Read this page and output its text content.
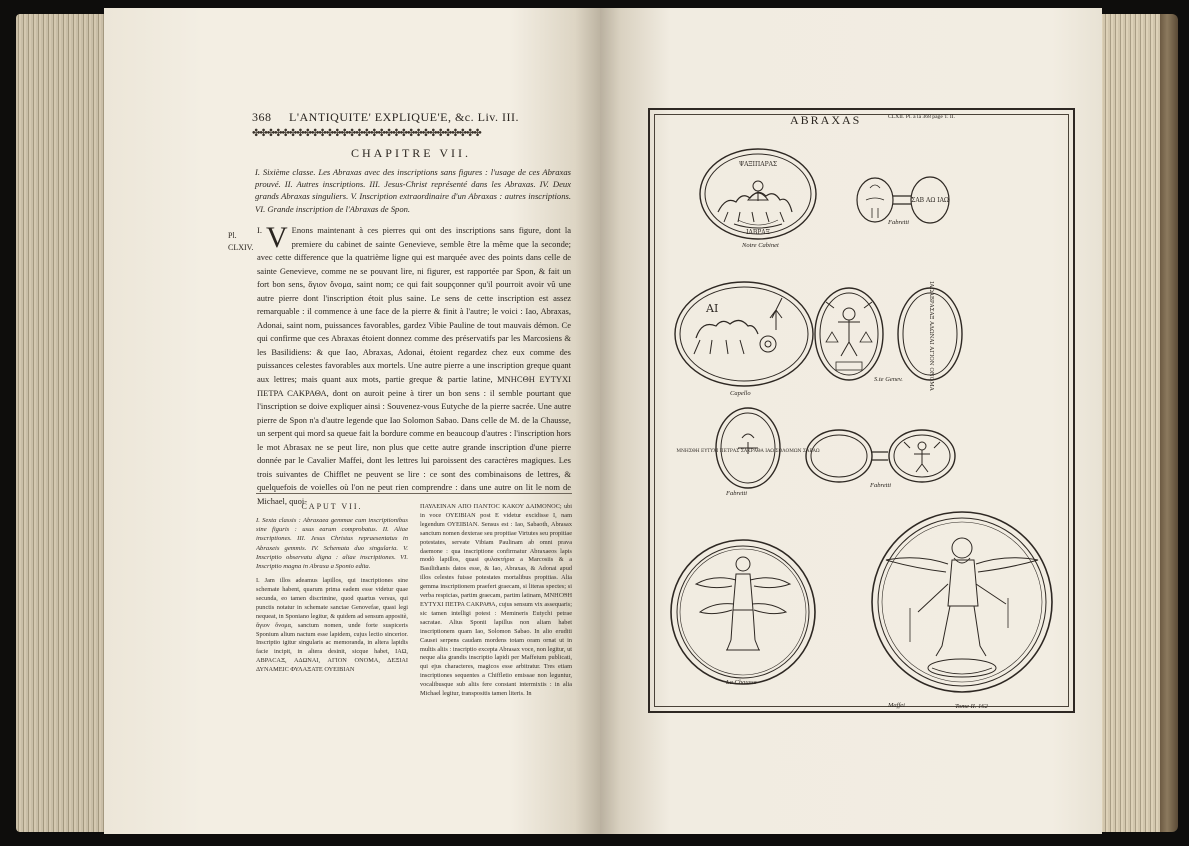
368 L'ANTIQUITE' EXPLIQUE'E, &c. Liv. III.
✤✤✤✤✤✤✤✤✤✤✤✤✤✤✤✤✤✤✤✤✤✤✤✤✤✤✤✤✤✤✤
CHAPITRE VII.
I. Sixième classe. Les Abraxas avec des inscriptions sans figures : l'usage de ces Abraxas prouvé. II. Autres inscriptions. III. Jesus-Christ représenté dans les Abraxas. IV. Deux grands Abraxas singuliers. V. Inscription extraordinaire d'un Abraxas : autres inscriptions. VI. Grande inscription de l'Abraxas de Spon.
Pl. CLXIV.
I. V Enons maintenant à ces pierres qui ont des inscriptions sans figure, dont la premiere du cabinet de sainte Genevieve, semble être la même que la seconde; avec cette difference que la quatrième ligne qui est marquée avec des points dans celle de sainte Genevieve, comme ne se pouvant lire, ni figurer, est rapportée par Spon, & fait un fort bon sens, ἅγιον ὄνομα, saint nom; ce qui fait soupçonner qu'il pourroit avoir vû une autre pierre dont l'inscription étoit plus saine. Le sens de cette inscription est assez remarquable : il commence à une face de la pierre & finit à l'autre; le voici : Iao, Abraxas, Adonai, saint nom, puissances favorables, gardez Vibie Pauline de tout mauvais démon. Ce qui confirme que ces Abraxas étoient donnez comme des préservatifs par les Marcosiens & les Basilidiens: & que Iao, Abraxas, Adonai, étoient regardez chez eux comme des puissances celestes favorables aux mortels. Une autre pierre a une inscription greque quant aux lettres; mais quant aux mots, partie greque & partie latine, ΜΝΗϹΘΗ ΕΥΤΥΧΙ ΠΕΤΡΑ ϹΑΚΡΑΘΑ, dont on auroit peine à tirer un bon sens : il semble pourtant que l'inscription se doive expliquer ainsi : Souvenez-vous Eutyche de la pierre sacrée. Une autre pierre de Spon n'a d'autre legende que Iao Solomon Sabao. Dans celle de M. de la Chausse, un serpent qui mord sa queue fait la bordure comme en beaucoup d'autres : l'inscription hors le mot Abrasax ne se peut lire, non plus que cette autre grande inscription d'une pierre donnée par le Cavalier Maffei, dont les lettres lui paroissent des caractères magiques. Les trois suivantes de Chifflet ne peuvent se lire : ce sont des combinaisons de lettres, & quelquefois de voielles où l'on ne peut rien comprendre : dans une autre on lit le nom de Michael, quoi-
CAPUT VII.
I. Sexta classis : Abraxaea gemmae cum inscriptionibus sine figuris : usus earum comprobatus. II. Aliae inscriptiones. III. Jesus Christus repraesentatus in Abraxeis gemmis. IV. Schemata duo singularia. V. Inscriptio observatu digna : aliae inscriptiones. VI. Inscriptio magna in Abraxa a Sponio edita.
I. Jam illos adeamus lapillos, qui inscriptiones sine schemate habent, quarum prima eadem esse videtur quae secunda, eo tamen discrimine, quod quartus versus, qui punctis notatur in schemate sanctae Genovefae, quasi legi nequeat, in Sponiano legitur, & quidem ad sensum appositè, ἅγιον ὄνομα, sanctum nomen, unde forte suspiceris Sponium alium nactum esse lapidem, cujus lectio sincerior. Inscriptio igitur singularis ac memoranda, in altera lapidis facie incipit, in altera desinit, sicque habet, ΙΑΩ, ΑΒΡΑϹΑΞ, ΑΔΩΝΑΙ, ΑΓΙΟΝ ΟΝΟΜΑ, ΔΕΞΙΑΙ ΔΥΝΑΜΕΙϹ ΦΥΛΑΞΑΤΕ ΟΥΕΙΒΙΑΝ
ΠΑΥΛΕΙΝΑΝ ΑΠΟ ΠΑΝΤΟϹ ΚΑΚΟΥ ΔΑΙΜΟΝΟϹ; ubi in voce ΟΥΕΙΒΙΑΝ post Ε videtur excidisse Ι, nam legendum ΟΥΕΙΒΙΑΝ. Sensus est : Iao, Sabaoth, Abrasax sanctum nomen dexterae seu propitiae Virtutes seu propitiae potestates, servate Vibiam Paulinam ab omni prava daemone : qua inscriptione confirmatur Abraxaeos lapis modò lapillos, quasi φυλακτήρια a Marcosiis & a Basilidianis datos esse, & Iao, Abraxas, & Adonai apud illos celestes fuisse potestates mortalibus propitias. Alia gemma inscriptionem praefert graecam, si literas spectes; si verba respicias, partim graecam, partim latinam, ΜΝΗϹΘΗ ΕΥΤΥΧΙ ΠΕΤΡΑ ϹΑΚΡΑΘΑ, cujus sensum vix assequaris; sic tamen intelligi potest : Memineris Eutychi petrae sacratae. Alius Sponii lapillus non aliam habet inscriptionem quam Iao, Solomon Sabao. In alio eruditi Causei serpens caudam mordens totam oram ornat ut in multis aliis : inscriptio excepta Abrasax voce, non legitur, ut neque alia grandis inscriptio lapidi per Maffeium publicati, qui ejus characteres, magicos esse arbitratur. Tres etiam inscriptiones sequentes a Chiffletio emissae non leguntur, vocalibusque sub aliis fere constant intermixtis : in alia Michael legitur, transpositis tamen literis. In
ABRAXAS	CLXII. Pl. a la 368 page T. II.
ΨΑΞΙΠΑΡΑΣ
ΙΑΒΡΑΞ
ΣΑΒ ΑΩ ΙΑΩ
ΑΙ	ΙΑΩΑΒΡΑΣΑΞ ΑΔΩΝΑΙ ΑΓΙΟΝ ΟΝΟΜΑ
ΜΝΗΣΘΗ ΕΥΤΥΧΙ ΠΕΤΡΑΣ ΣΑΚΡΑΘΑ ΙΑΩ ΣΟΛΟΜΩΝ ΣΑΒΑΩ
Notre Cabinet
Fabretti
Capello
S.te Genev.
Fabretti
Fabretti
La Chausse
Maffei	Tome II. 162
